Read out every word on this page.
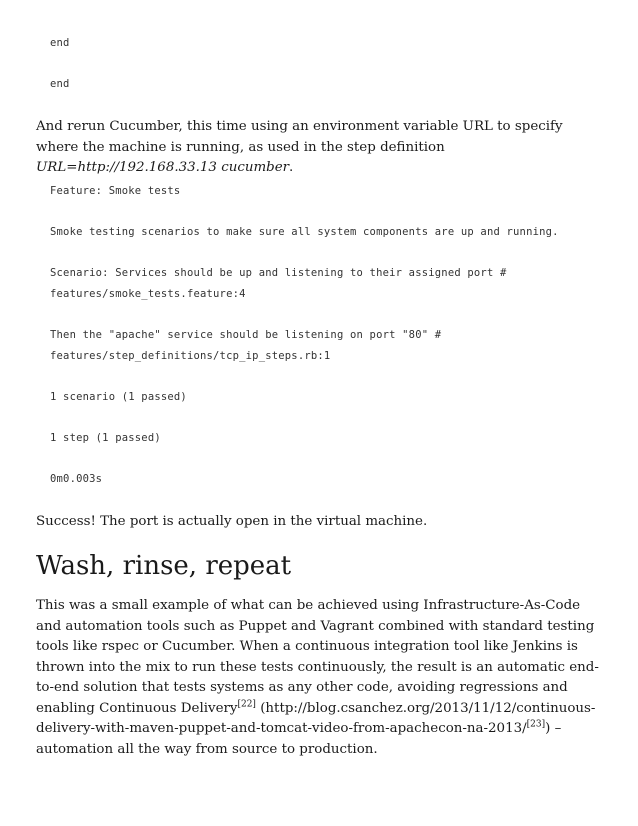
end
end

And rerun Cucumber, this time using an environment variable URL to specify where the machine is running, as used in the step definition URL=http://192.168.33.13 cucumber.

Feature: Smoke tests
Smoke testing scenarios to make sure all system components are up and running.
Scenario: Services should be up and listening to their assigned port #
features/smoke_tests.feature:4
Then the "apache" service should be listening on port "80" #
features/step_definitions/tcp_ip_steps.rb:1
1 scenario (1 passed)
1 step (1 passed)
0m0.003s

Success! The port is actually open in the virtual machine.

Wash, rinse, repeat

This was a small example of what can be achieved using Infrastructure-As-Code and automation tools such as Puppet and Vagrant combined with standard testing tools like rspec or Cucumber. When a continuous integration tool like Jenkins is thrown into the mix to run these tests continuously, the result is an automatic end-to-end solution that tests systems as any other code, avoiding regressions and enabling Continuous Delivery[22] (http://blog.csanchez.org/2013/11/12/continuous-delivery-with-maven-puppet-and-tomcat-video-from-apachecon-na-2013/[23]) – automation all the way from source to production.
